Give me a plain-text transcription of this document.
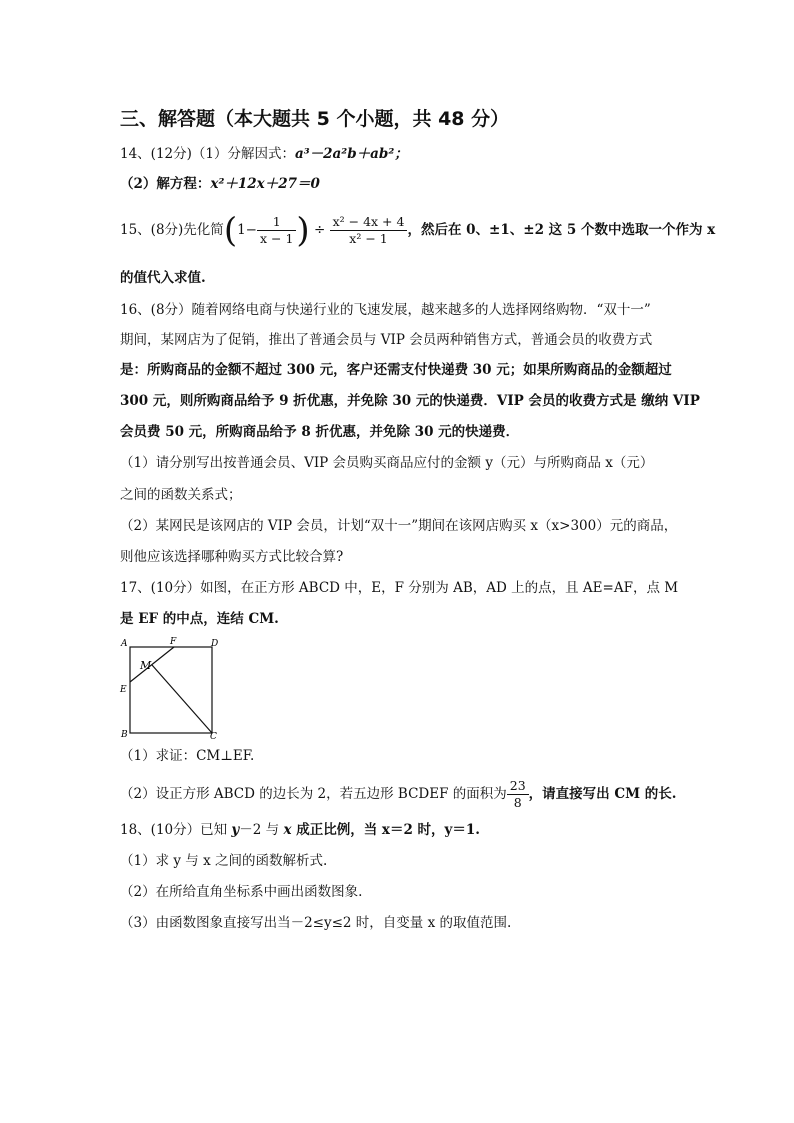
三、解答题（本大题共 5 个小题，共 48 分）
14、(12分)（1）分解因式：a³－2a²b＋ab²；
（2）解方程：x²＋12x＋27＝0
15、(8分)先化简($1- \frac{1}{x - 1}$ ) ÷ $\frac{\text{x² − 4x + 4}}{\text{x² − 1}}$ ，然后在 0、±1、±2 这 5 个数中选取一个作为 x
的值代入求值.
16、(8分）随着网络电商与快递行业的飞速发展，越来越多的人选择网络购物．“双十一”
期间，某网店为了促销，推出了普通会员与 VIP 会员两种销售方式，普通会员的收费方式
是：所购商品的金额不超过 300 元，客户还需支付快递费 30 元；如果所购商品的金额超过
300 元，则所购商品给予 9 折优惠，并免除 30 元的快递费．VIP 会员的收费方式是 缴纳 VIP
会员费 50 元，所购商品给予 8 折优惠，并免除 30 元的快递费．
（1）请分别写出按普通会员、VIP 会员购买商品应付的金额 y（元）与所购商品 x（元）
之间的函数关系式；
（2）某网民是该网店的 VIP 会员，计划“双十一”期间在该网店购买 x（x>300）元的商品，
则他应该选择哪种购买方式比较合算?
17、(10分）如图，在正方形 ABCD 中，E，F 分别为 AB，AD 上的点，且 AE=AF，点 M
是 EF 的中点，连结 CM.
A	F	D
M
E
B	C
（1）求证：CM⊥EF.
（2）设正方形 ABCD 的边长为 2，若五边形 BCDEF 的面积为 $\frac{23}{8}$ ，请直接写出 CM 的长.
18、(10分）已知 y－2 与 x 成正比例，当 x＝2 时，y＝1.
（1）求 y 与 x 之间的函数解析式.
（2）在所给直角坐标系中画出函数图象.
（3）由函数图象直接写出当－2≤y≤2 时，自变量 x 的取值范围.
